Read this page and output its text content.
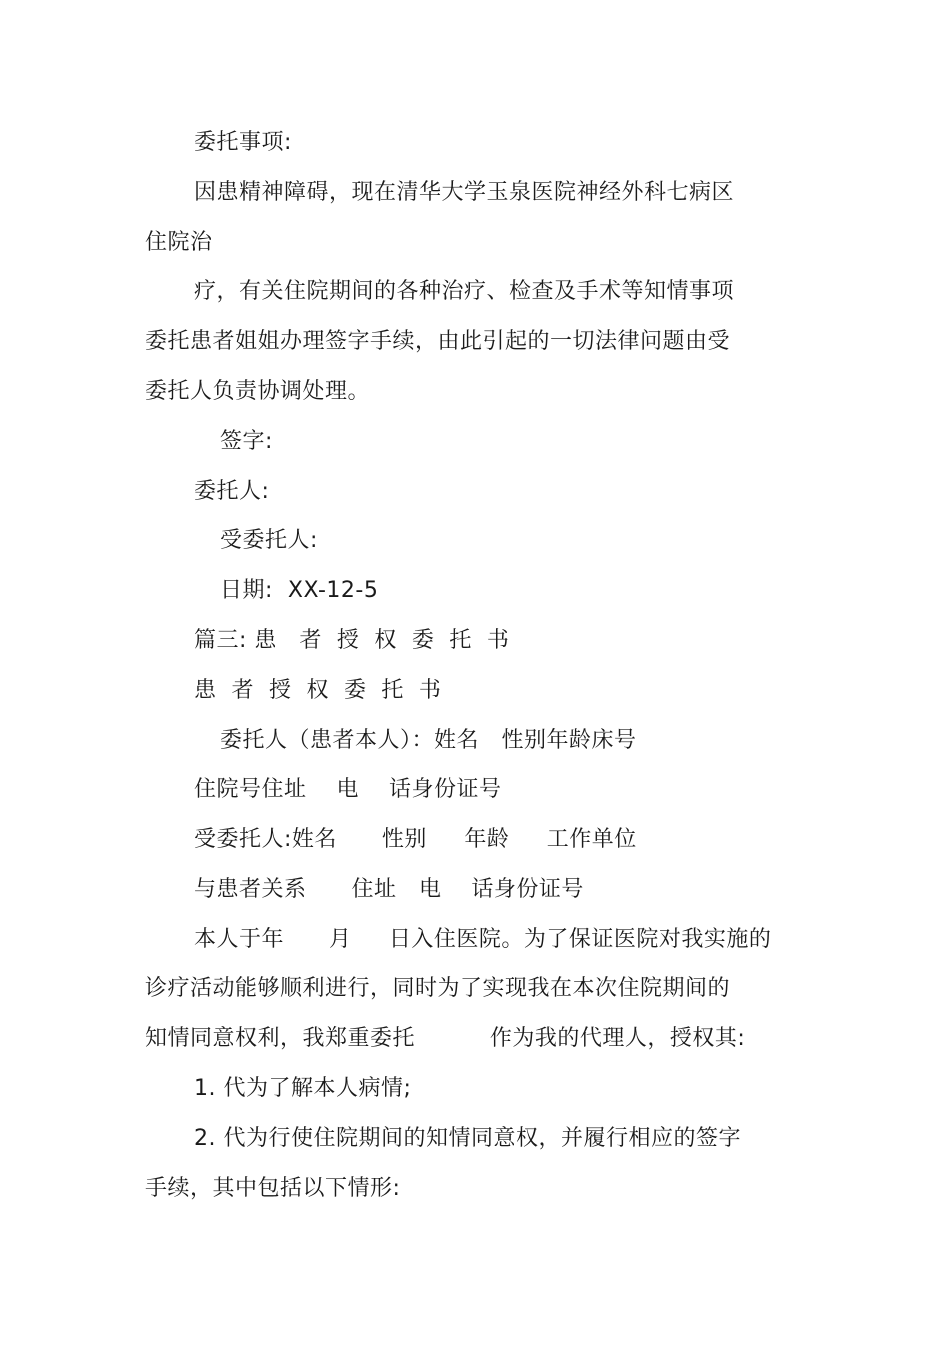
委托事项:
因患精神障碍，现在清华大学玉泉医院神经外科七病区
住院治
疗，有关住院期间的各种治疗、检查及手术等知情事项
委托患者姐姐办理签字手续，由此引起的一切法律问题由受
委托人负责协调处理。
签字:
委托人:
受委托人:
日期:  XX-12-5
篇三: 患   者  授  权  委  托  书
患  者  授  权  委  托  书
委托人（患者本人）：姓名   性别年龄床号
住院号住址    电    话身份证号
受委托人:姓名      性别     年龄     工作单位
与患者关系      住址   电    话身份证号
本人于年      月     日入住医院。为了保证医院对我实施的
诊疗活动能够顺利进行，同时为了实现我在本次住院期间的
知情同意权利，我郑重委托          作为我的代理人，授权其:
1. 代为了解本人病情;
2. 代为行使住院期间的知情同意权，并履行相应的签字
手续，其中包括以下情形:
